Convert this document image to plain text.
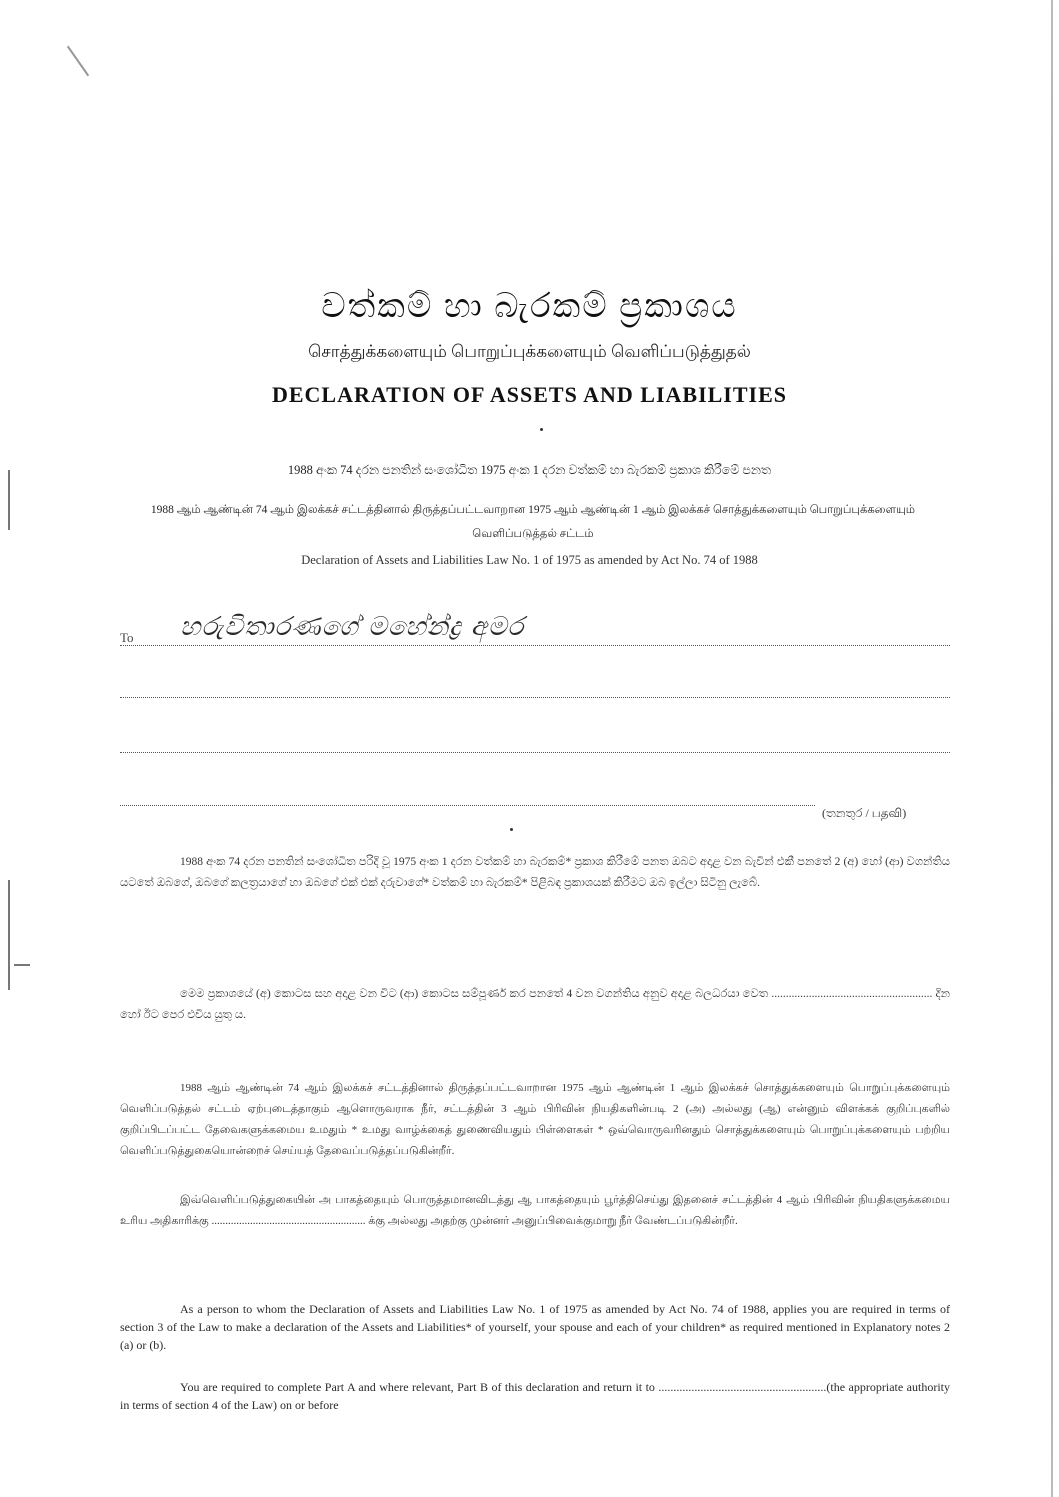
වත්කම් හා බැරකම් ප්‍රකාශය
சொத்துக்களையும் பொறுப்புக்களையும் வெளிப்படுத்துதல்
DECLARATION OF ASSETS AND LIABILITIES
1988 අංක 74 දරන පනතින් සංශෝධිත 1975 අංක 1 දරන වත්කම් හා බැරකම් ප්‍රකාශ කිරීමේ පනත
1988 ஆம் ஆண்டின் 74 ஆம் இலக்கச் சட்டத்தினால் திருத்தப்பட்டவாறான 1975 ஆம் ஆண்டின் 1 ஆம் இலக்கச் சொத்துக்களையும் பொறுப்புக்களையும் வெளிப்படுத்தல் சட்டம்
Declaration of Assets and Liabilities Law No. 1 of 1975 as amended by Act No. 74 of 1988
To හරුවිතාරණගේ මහේන්ද්‍ර අමර
(තනතුර / பதவி)
1988 අංක 74 දරන පනතින් සංශෝධිත පරිදි වූ 1975 අංක 1 දරන වත්කම් හා බැරකම්* ප්‍රකාශ කිරීමේ පනත ඔබට අදාළ වන බැවින් එකී පනතේ 2 (අ) හෝ (ආ) වගන්තිය යටතේ ඔබගේ, ඔබගේ කලත්‍රයාගේ හා ඔබගේ එක් එක් දරුවාගේ* වත්කම් හා බැරකම්* පිළිබඳ ප්‍රකාශයක් කිරීමට ඔබ ඉල්ලා සිටිනු ලැබේ.
මෙම ප්‍රකාශයේ (අ) කොටස සහ අදාළ වන විට (ආ) කොටස සම්පූර්ණ කර පනතේ 4 වන වගන්තිය අනුව අදාළ බලධරයා වෙත ........................................................ දින හෝ ඊට පෙර එවිය යුතු ය.
1988 ஆம் ஆண்டின் 74 ஆம் இலக்கச் சட்டத்தினால் திருத்தப்பட்டவாறான 1975 ஆம் ஆண்டின் 1 ஆம் இலக்கச் சொத்துக்களையும் பொறுப்புக்களையும் வெளிப்படுத்தல் சட்டம் ஏற்புடைத்தாகும் ஆளொருவராக நீர், சட்டத்தின் 3 ஆம் பிரிவின் நியதிகளின்படி 2 (அ) அல்லது (ஆ) என்னும் விளக்கக் குறிப்புகளில் குறிப்பிடப்பட்ட தேவைகளுக்கமைய உமதும் * உமது வாழ்க்கைத் துணைவியதும் பிள்ளைகள் * ஒவ்வொருவரினதும் சொத்துக்களையும் பொறுப்புக்களையும் பற்றிய வெளிப்படுத்துகையொன்றைச் செய்யத் தேவைப்படுத்தப்படுகின்றீர்.
இவ்வெளிப்படுத்துகையின் அ பாகத்தையும் பொருத்தமானவிடத்து ஆ பாகத்தையும் பூர்த்திசெய்து இதனைச் சட்டத்தின் 4 ஆம் பிரிவின் நியதிகளுக்கமைய உரிய அதிகாரிக்கு ........................................................ க்கு அல்லது அதற்கு முன்னர் அனுப்பிவைக்குமாறு நீர் வேண்டப்படுகின்றீர்.
As a person to whom the Declaration of Assets and Liabilities Law No. 1 of 1975 as amended by Act No. 74 of 1988, applies you are required in terms of section 3 of the Law to make a declaration of the Assets and Liabilities* of yourself, your spouse and each of your children* as required mentioned in Explanatory notes 2 (a) or (b).
You are required to complete Part A and where relevant, Part B of this declaration and return it to ........................................................(the appropriate authority in terms of section 4 of the Law) on or before
